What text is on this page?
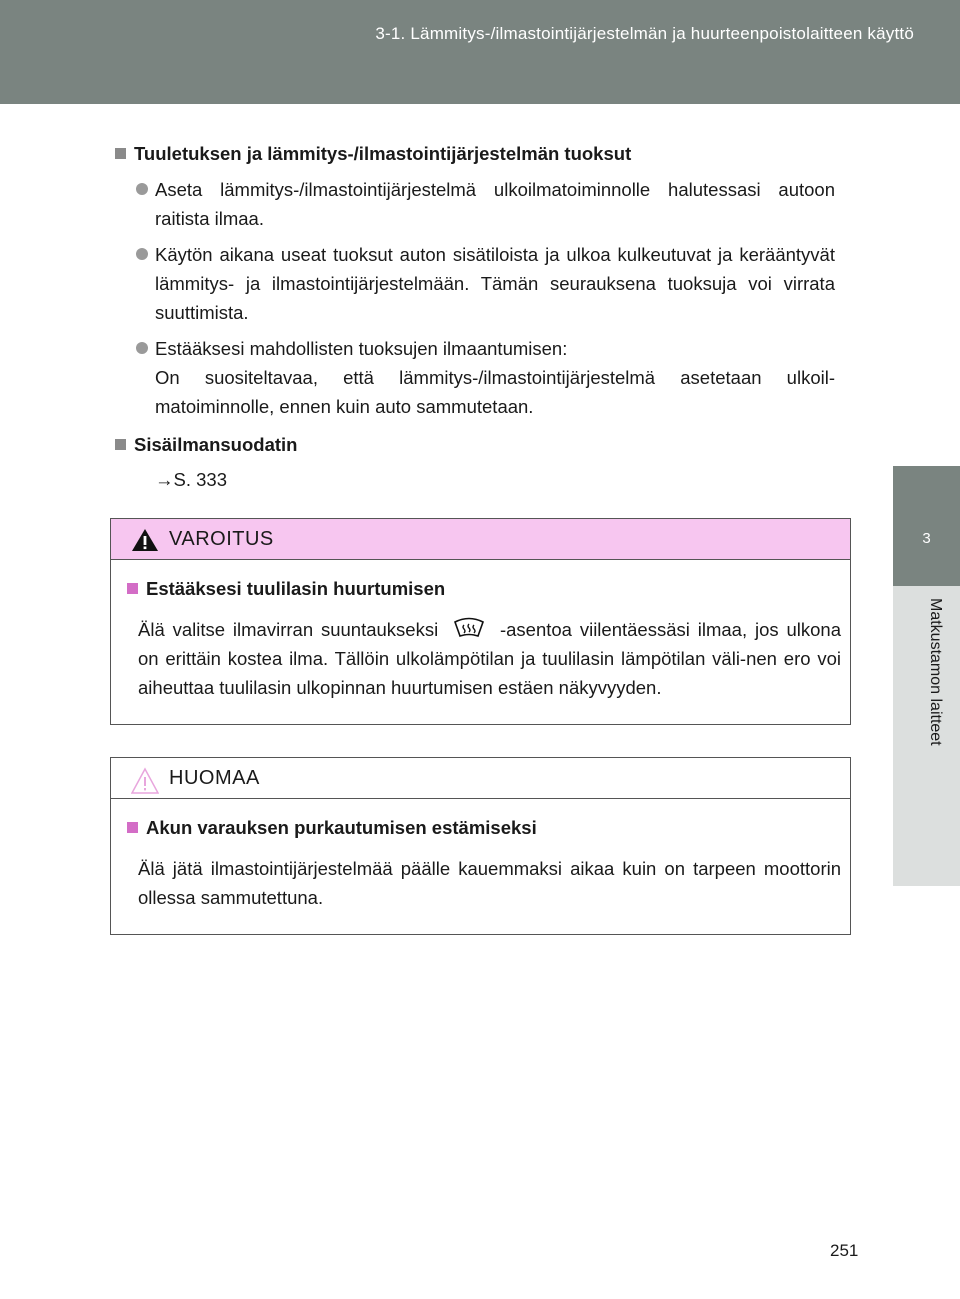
3-1. Lämmitys-/ilmastointijärjestelmän ja huurteenpoistolaitteen käyttö
3
Matkustamon laitteet

Tuuletuksen ja lämmitys-/ilmastointijärjestelmän tuoksut

Aseta lämmitys-/ilmastointijärjestelmä ulkoilmatoiminnolle halutessasi autoon raitista ilmaa.
Käytön aikana useat tuoksut auton sisätiloista ja ulkoa kulkeutuvat ja kerääntyvät lämmitys- ja ilmastointijärjestelmään. Tämän seurauksena tuoksuja voi virrata suuttimista.
Estääksesi mahdollisten tuoksujen ilmaantumisen:
On suositeltavaa, että lämmitys-/ilmastointijärjestelmä asetetaan ulkoil-matoiminnolle, ennen kuin auto sammutetaan.

Sisäilmansuodatin

→S. 333
VAROITUS
Estääksesi tuulilasin huurtumisen
Älä valitse ilmavirran suuntaukseksi	-asentoa viilentäessäsi ilmaa, jos ulkona on erittäin kostea ilma. Tällöin ulkolämpötilan ja tuulilasin lämpötilan väli-nen ero voi aiheuttaa tuulilasin ulkopinnan huurtumisen estäen näkyvyyden.
HUOMAA
Akun varauksen purkautumisen estämiseksi
Älä jätä ilmastointijärjestelmää päälle kauemmaksi aikaa kuin on tarpeen moottorin ollessa sammutettuna.
251
